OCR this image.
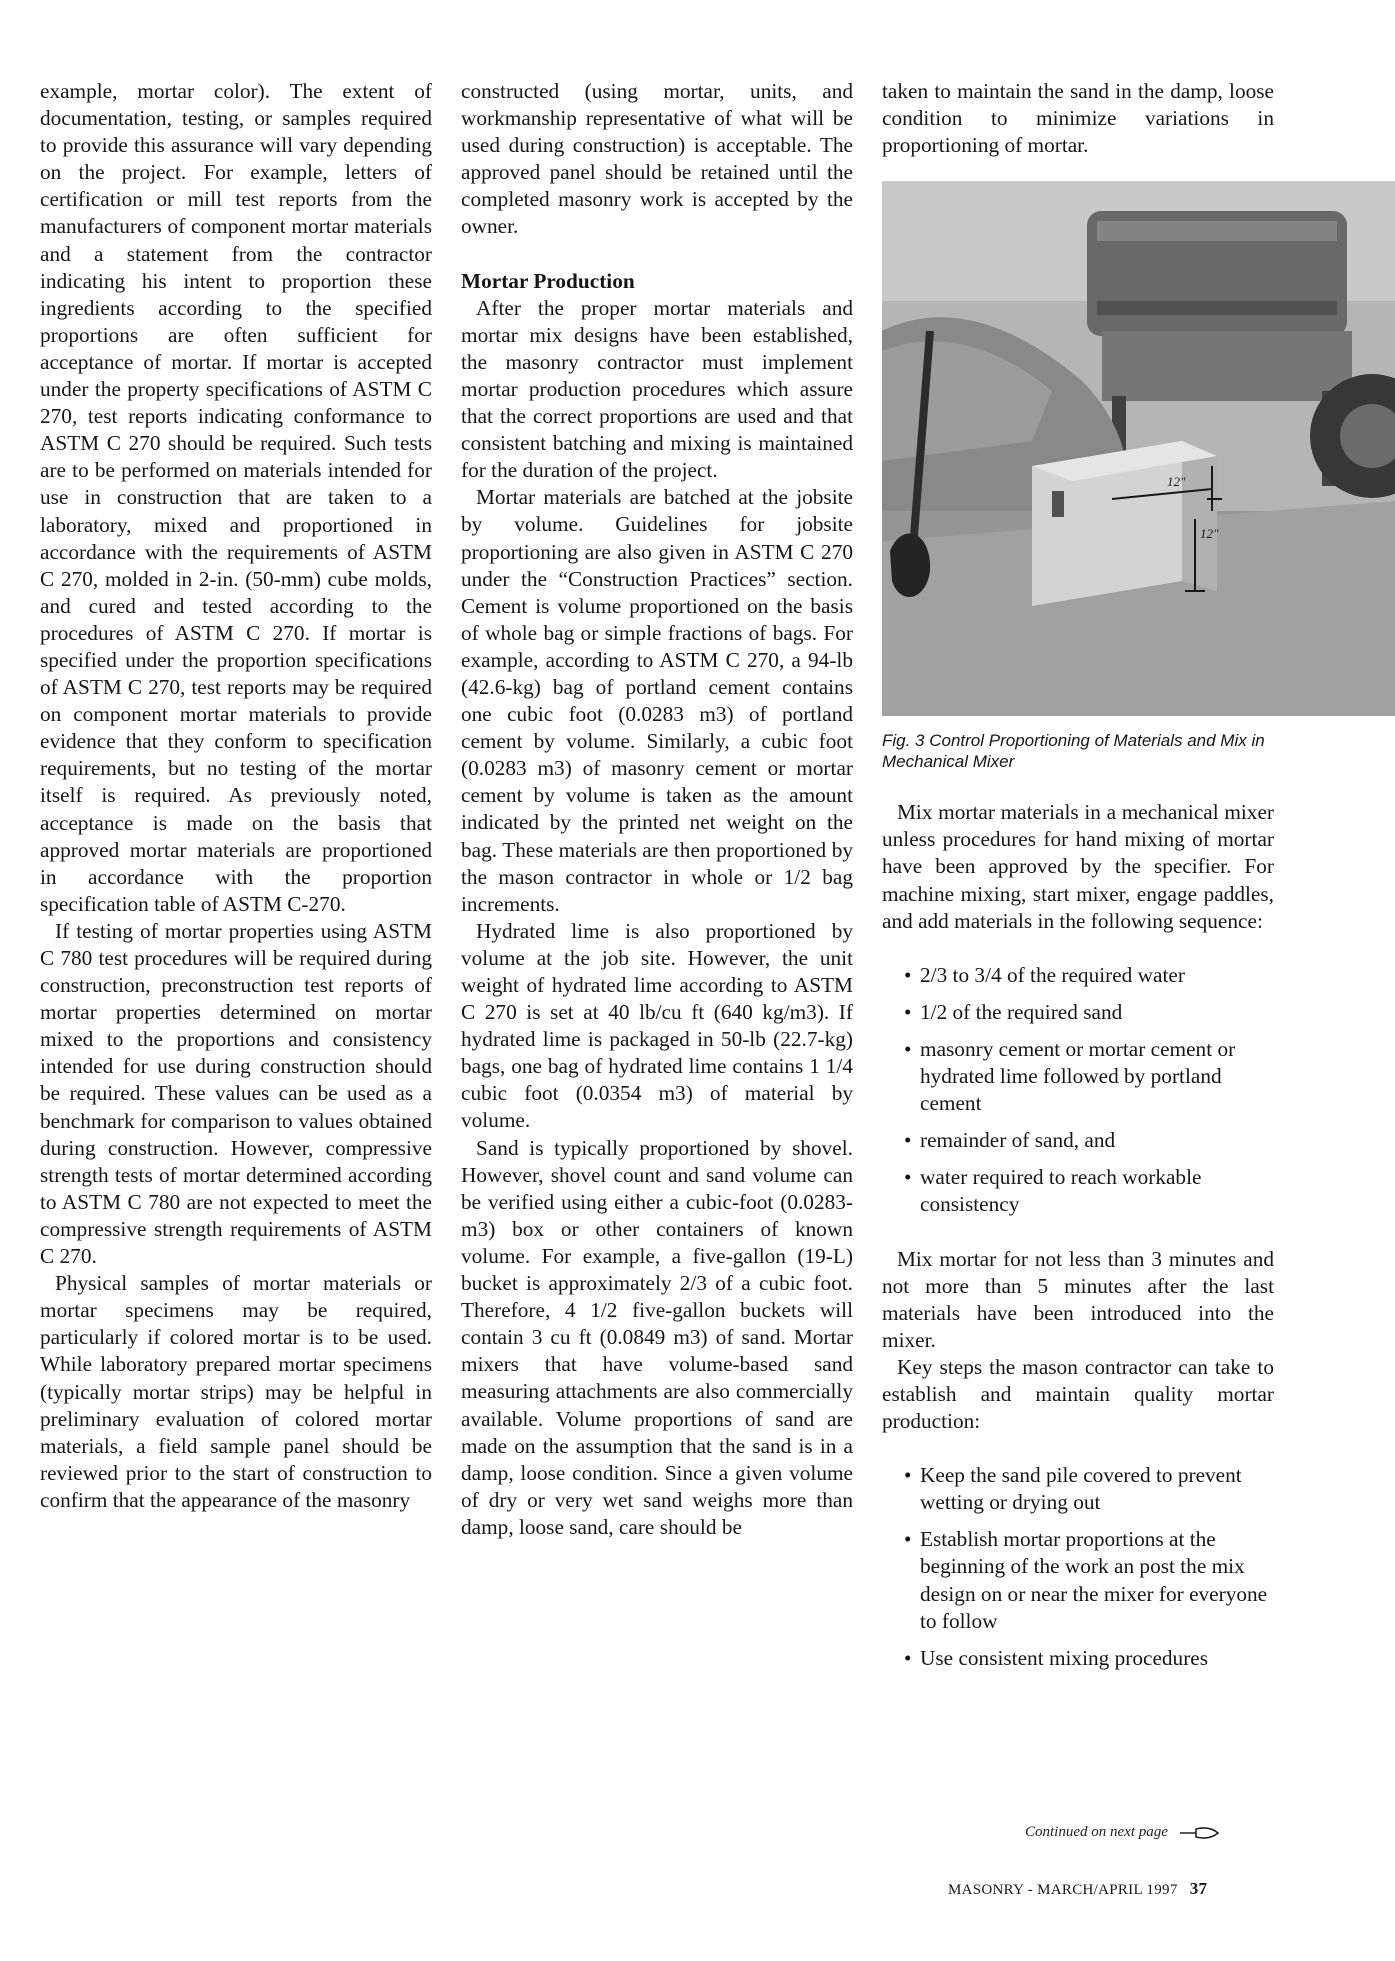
example, mortar color). The extent of documentation, testing, or samples required to provide this assurance will vary depending on the project. For example, letters of certification or mill test reports from the manufacturers of component mortar materials and a statement from the contractor indicating his intent to proportion these ingredients according to the specified proportions are often sufficient for acceptance of mortar. If mortar is accepted under the property specifications of ASTM C 270, test reports indicating conformance to ASTM C 270 should be required. Such tests are to be performed on materials intended for use in construction that are taken to a laboratory, mixed and proportioned in accordance with the requirements of ASTM C 270, molded in 2-in. (50-mm) cube molds, and cured and tested according to the procedures of ASTM C 270. If mortar is specified under the proportion specifications of ASTM C 270, test reports may be required on component mortar materials to provide evidence that they conform to specification requirements, but no testing of the mortar itself is required. As previously noted, acceptance is made on the basis that approved mortar materials are proportioned in accordance with the proportion specification table of ASTM C-270.

If testing of mortar properties using ASTM C 780 test procedures will be required during construction, preconstruction test reports of mortar properties determined on mortar mixed to the proportions and consistency intended for use during construction should be required. These values can be used as a benchmark for comparison to values obtained during construction. However, compressive strength tests of mortar determined according to ASTM C 780 are not expected to meet the compressive strength requirements of ASTM C 270.

Physical samples of mortar materials or mortar specimens may be required, particularly if colored mortar is to be used. While laboratory prepared mortar specimens (typically mortar strips) may be helpful in preliminary evaluation of colored mortar materials, a field sample panel should be reviewed prior to the start of construction to confirm that the appearance of the masonry

constructed (using mortar, units, and workmanship representative of what will be used during construction) is acceptable. The approved panel should be retained until the completed masonry work is accepted by the owner.

Mortar Production

After the proper mortar materials and mortar mix designs have been established, the masonry contractor must implement mortar production procedures which assure that the correct proportions are used and that consistent batching and mixing is maintained for the duration of the project.

Mortar materials are batched at the jobsite by volume. Guidelines for jobsite proportioning are also given in ASTM C 270 under the “Construction Practices” section. Cement is volume proportioned on the basis of whole bag or simple fractions of bags. For example, according to ASTM C 270, a 94-lb (42.6-kg) bag of portland cement contains one cubic foot (0.0283 m3) of portland cement by volume. Similarly, a cubic foot (0.0283 m3) of masonry cement or mortar cement by volume is taken as the amount indicated by the printed net weight on the bag. These materials are then proportioned by the mason contractor in whole or 1/2 bag increments.

Hydrated lime is also proportioned by volume at the job site. However, the unit weight of hydrated lime according to ASTM C 270 is set at 40 lb/cu ft (640 kg/m3). If hydrated lime is packaged in 50-lb (22.7-kg) bags, one bag of hydrated lime contains 1 1/4 cubic foot (0.0354 m3) of material by volume.

Sand is typically proportioned by shovel. However, shovel count and sand volume can be verified using either a cubic-foot (0.0283-m3) box or other containers of known volume. For example, a five-gallon (19-L) bucket is approximately 2/3 of a cubic foot. Therefore, 4 1/2 five-gallon buckets will contain 3 cu ft (0.0849 m3) of sand. Mortar mixers that have volume-based sand measuring attachments are also commercially available. Volume proportions of sand are made on the assumption that the sand is in a damp, loose condition. Since a given volume of dry or very wet sand weighs more than damp, loose sand, care should be

taken to maintain the sand in the damp, loose condition to minimize variations in proportioning of mortar.

12"
12"
Fig. 3 Control Proportioning of Materials and Mix in Mechanical Mixer

Mix mortar materials in a mechanical mixer unless procedures for hand mixing of mortar have been approved by the specifier. For machine mixing, start mixer, engage paddles, and add materials in the following sequence:

• 2/3 to 3/4 of the required water
• 1/2 of the required sand
• masonry cement or mortar cement or hydrated lime followed by portland cement
• remainder of sand, and
• water required to reach workable consistency

Mix mortar for not less than 3 minutes and not more than 5 minutes after the last materials have been introduced into the mixer.

Key steps the mason contractor can take to establish and maintain quality mortar production:

• Keep the sand pile covered to prevent wetting or drying out
• Establish mortar proportions at the beginning of the work an post the mix design on or near the mixer for everyone to follow
• Use consistent mixing procedures
Continued on next page
MASONRY - MARCH/APRIL 1997 37
